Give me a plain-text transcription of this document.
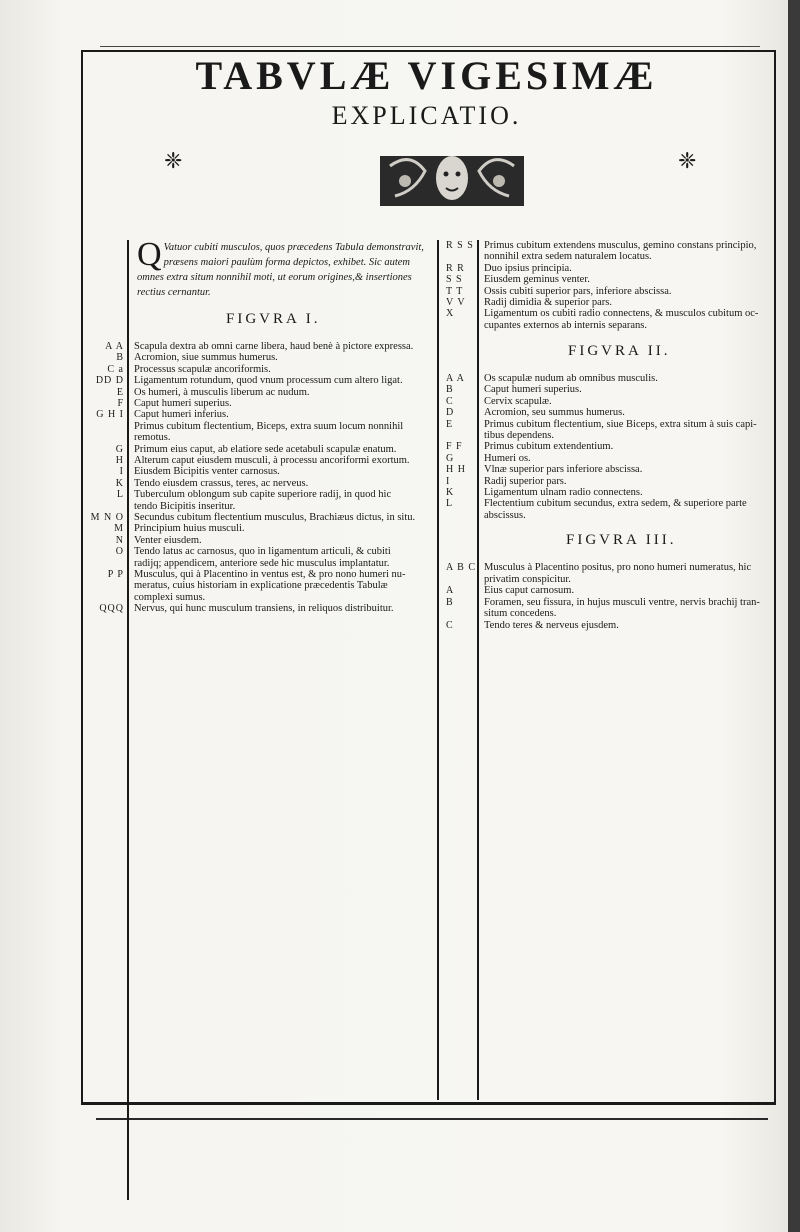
TABVLÆ VIGESIMÆ
EXPLICATIO.
❈	❈
Q Vatuor cubiti musculos, quos præcedens Tabula demonstravit, præsens maiori paulùm forma depictos, exhibet. Sic autem omnes extra situm nonnihil moti, ut eorum origines,& insertiones rectius cernantur.
FIGVRA I.
A A Scapula dextra ab omni carne libera, haud benè à pictore expressa.
B Acromion, siue summus humerus.
C a Processus scapulæ ancoriformis.
DD D Ligamentum rotundum, quod vnum processum cum altero ligat.
E Os humeri, à musculis liberum ac nudum.
F Caput humeri superius.
G H I Caput humeri inferius.
Primus cubitum flectentium, Biceps, extra suum locum nonnihil
remotus.
G Primum eius caput, ab elatiore sede acetabuli scapulæ enatum.
H Alterum caput eiusdem musculi, à processu ancoriformi exortum.
I Eiusdem Bicipitis venter carnosus.
K Tendo eiusdem crassus, teres, ac nerveus.
L Tuberculum oblongum sub capite superiore radij, in quod hic
tendo Bicipitis inseritur.
M N O Secundus cubitum flectentium musculus, Brachiæus dictus, in situ.
M Principium huius musculi.
N Venter eiusdem.
O Tendo latus ac carnosus, quo in ligamentum articuli, & cubiti
radijq; appendicem, anteriore sede hic musculus implantatur.
P P Musculus, qui à Placentino in ventus est, & pro nono humeri nu-
meratus, cuius historiam in explicatione præcedentis Tabulæ
complexi sumus.
QQQ Nervus, qui hunc musculum transiens, in reliquos distribuitur.
R S S Primus cubitum extendens musculus, gemino constans principio,
nonnihil extra sedem naturalem locatus.
R R Duo ipsius principia.
S S Eiusdem geminus venter.
T T Ossis cubiti superior pars, inferiore abscissa.
V V Radij dimidia & superior pars.
X	Ligamentum os cubiti radio connectens, & musculos cubitum oc-
cupantes externos ab internis separans.
FIGVRA II.
A A Os scapulæ nudum ab omnibus musculis.
B	Caput humeri superius.
C	Cervix scapulæ.
D	Acromion, seu summus humerus.
E	Primus cubitum flectentium, siue Biceps, extra situm à suis capi-
tibus dependens.
F F Primus cubitum extendentium.
G	Humeri os.
H H Vlnæ superior pars inferiore abscissa.
I	Radij superior pars.
K	Ligamentum ulnam radio connectens.
L	Flectentium cubitum secundus, extra sedem, & superiore parte
abscissus.
FIGVRA III.
A B C Musculus à Placentino positus, pro nono humeri numeratus, hic
privatim conspicitur.
A	Eius caput carnosum.
B	Foramen, seu fissura, in hujus musculi ventre, nervis brachij tran-
situm concedens.
C	Tendo teres & nerveus ejusdem.
